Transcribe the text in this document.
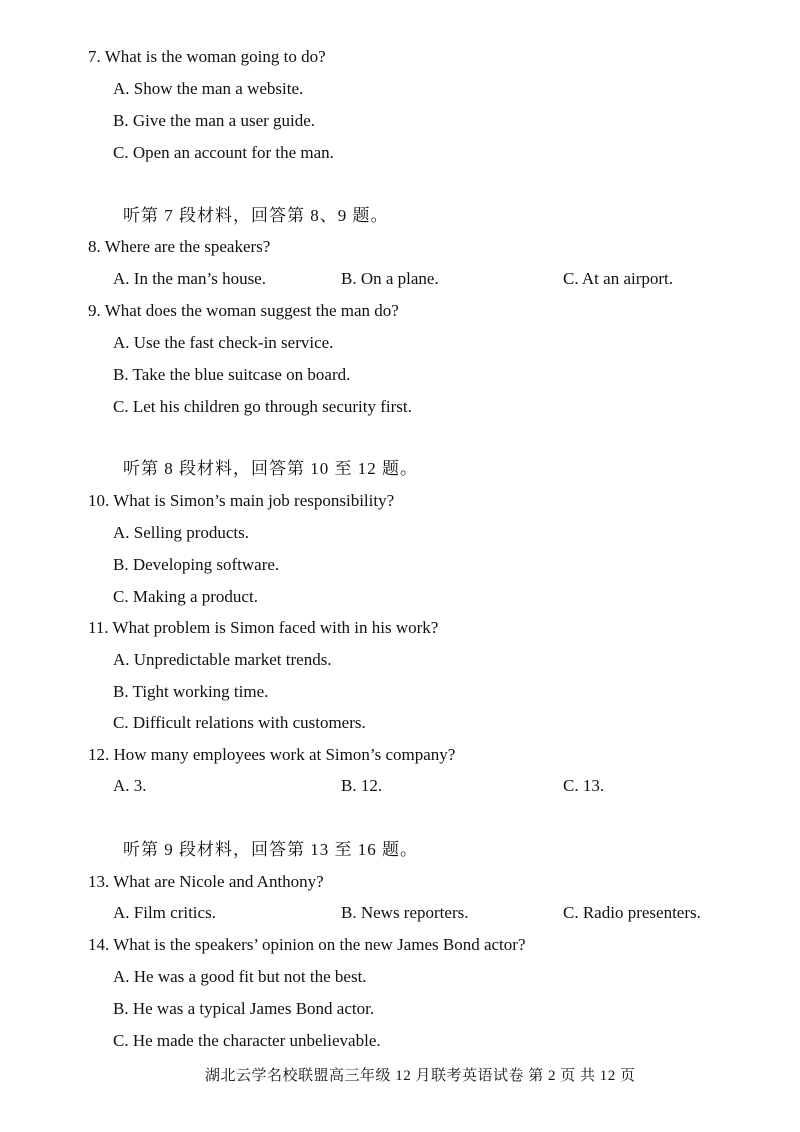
7. What is the woman going to do?
A. Show the man a website.
B. Give the man a user guide.
C. Open an account for the man.
听第 7 段材料，回答第 8、9 题。
8. Where are the speakers?
A. In the man’s house.	B. On a plane.	C. At an airport.
9. What does the woman suggest the man do?
A. Use the fast check-in service.
B. Take the blue suitcase on board.
C. Let his children go through security first.
听第 8 段材料，回答第 10 至 12 题。
10. What is Simon’s main job responsibility?
A. Selling products.
B. Developing software.
C. Making a product.
11. What problem is Simon faced with in his work?
A. Unpredictable market trends.
B. Tight working time.
C. Difficult relations with customers.
12. How many employees work at Simon’s company?
A. 3.	B. 12.	C. 13.
听第 9 段材料，回答第 13 至 16 题。
13. What are Nicole and Anthony?
A. Film critics.	B. News reporters.	C. Radio presenters.
14. What is the speakers’ opinion on the new James Bond actor?
A. He was a good fit but not the best.
B. He was a typical James Bond actor.
C. He made the character unbelievable.
湖北云学名校联盟高三年级 12 月联考英语试卷 第 2 页 共 12 页
